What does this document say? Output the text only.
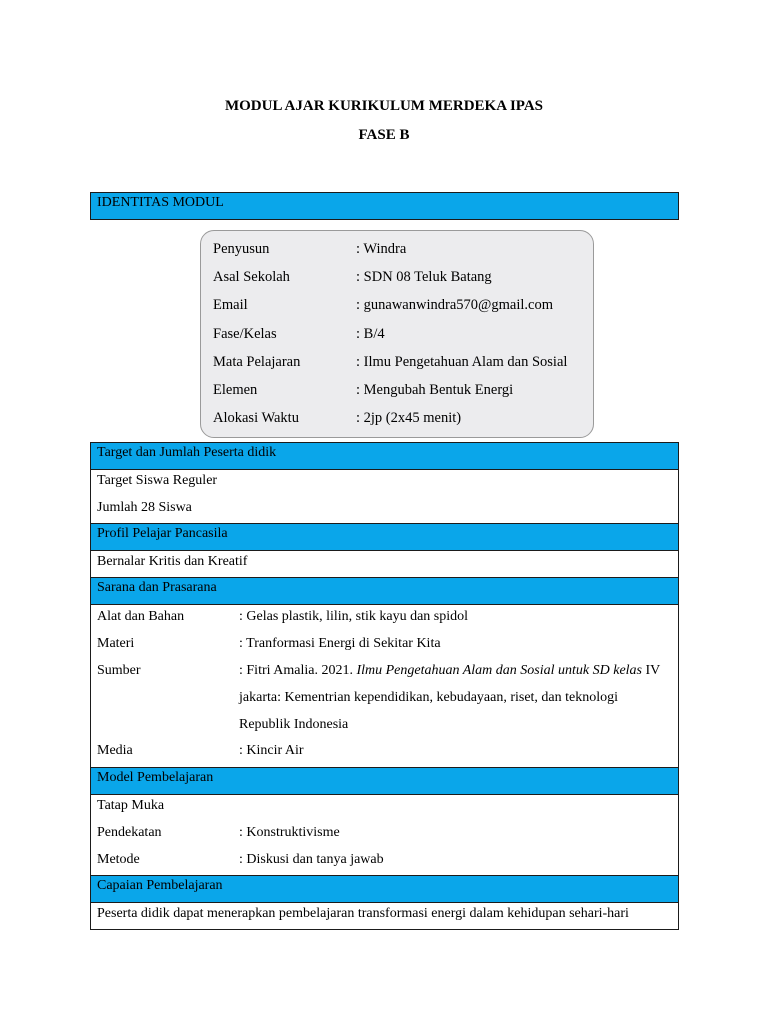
MODUL AJAR KURIKULUM MERDEKA IPAS
FASE B
IDENTITAS MODUL
Penyusun	: Windra
Asal Sekolah	: SDN 08 Teluk Batang
Email	: gunawanwindra570@gmail.com
Fase/Kelas	: B/4
Mata Pelajaran	: Ilmu Pengetahuan Alam dan Sosial
Elemen	: Mengubah Bentuk Energi
Alokasi Waktu	: 2jp (2x45 menit)
Target dan Jumlah Peserta didik
Target Siswa Reguler
Jumlah 28 Siswa
Profil Pelajar Pancasila
Bernalar Kritis dan Kreatif
Sarana dan Prasarana
Alat dan Bahan	: Gelas plastik, lilin, stik kayu dan spidol
Materi	: Tranformasi Energi di Sekitar Kita
Sumber	: Fitri Amalia. 2021. Ilmu Pengetahuan Alam dan Sosial untuk SD kelas IV jakarta: Kementrian kependidikan, kebudayaan, riset, dan teknologi Republik Indonesia
Media	: Kincir Air
Model Pembelajaran
Tatap Muka
Pendekatan	: Konstruktivisme
Metode	: Diskusi dan tanya jawab
Capaian Pembelajaran
Peserta didik dapat menerapkan pembelajaran transformasi energi dalam kehidupan sehari-hari
